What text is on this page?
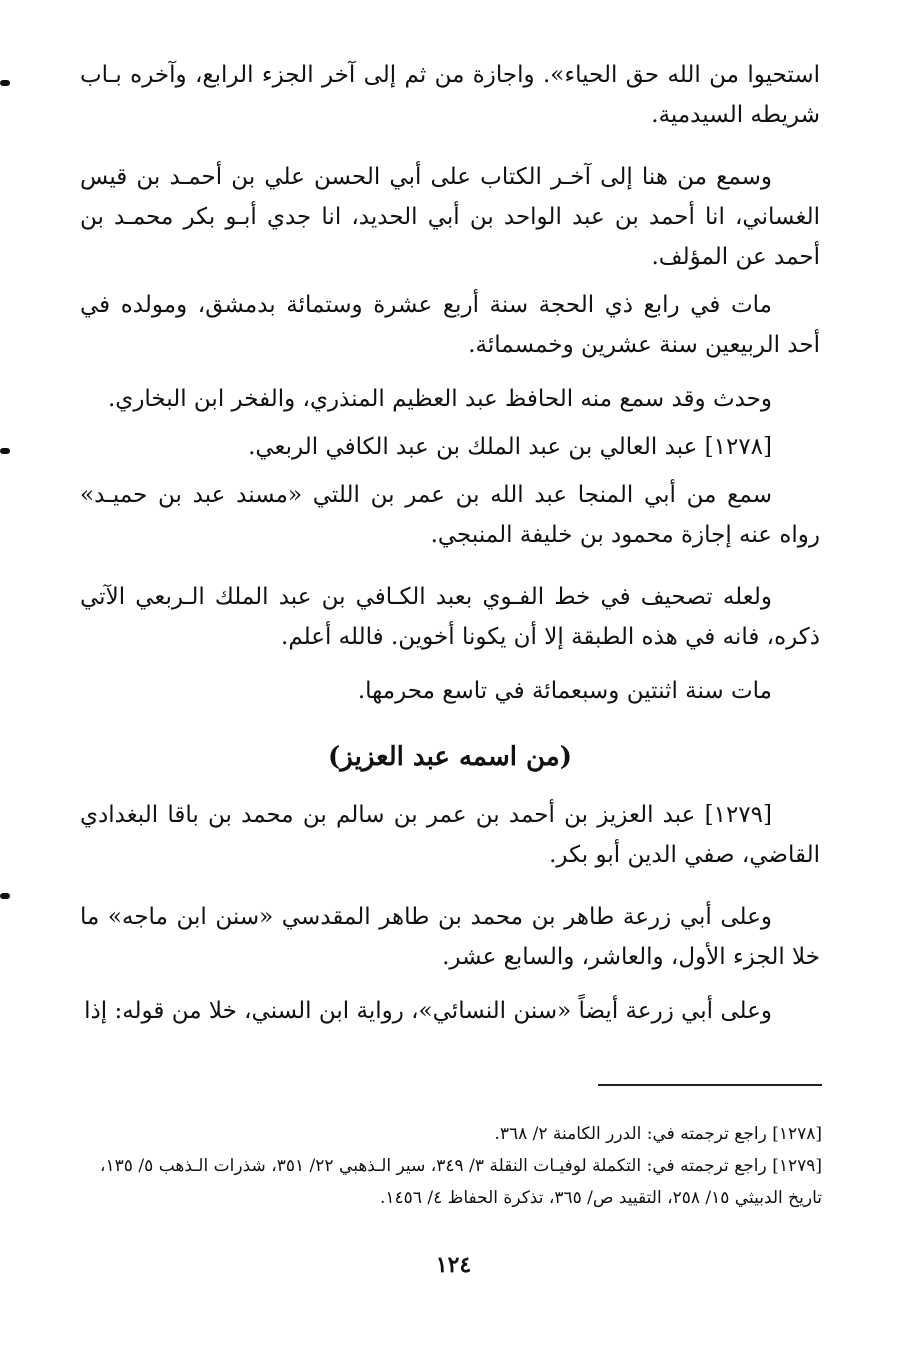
استحيوا من الله حق الحياء». واجازة من ثم إلى آخر الجزء الرابع، وآخره بـاب شريطه السيدمية.

وسمع من هنا إلى آخـر الكتاب على أبي الحسن علي بن أحمـد بن قيس الغساني، انا أحمد بن عبد الواحد بن أبي الحديد، انا جدي أبـو بكر محمـد بن أحمد عن المؤلف.

مات في رابع ذي الحجة سنة أربع عشرة وستمائة بدمشق، ومولده في أحد الربيعين سنة عشرين وخمسمائة.

وحدث وقد سمع منه الحافظ عبد العظيم المنذري، والفخر ابن البخاري.

[١٢٧٨] عبد العالي بن عبد الملك بن عبد الكافي الربعي.

سمع من أبي المنجا عبد الله بن عمر بن اللتي «مسند عبد بن حميـد» رواه عنه إجازة محمود بن خليفة المنبجي.

ولعله تصحيف في خط الفـوي بعبد الكـافي بن عبد الملك الـربعي الآتي ذكره، فانه في هذه الطبقة إلا أن يكونا أخوين. فالله أعلم.

مات سنة اثنتين وسبعمائة في تاسع محرمها.

(من اسمه عبد العزيز)

[١٢٧٩] عبد العزيز بن أحمد بن عمر بن سالم بن محمد بن باقا البغدادي القاضي، صفي الدين أبو بكر.

وعلى أبي زرعة طاهر بن محمد بن طاهر المقدسي «سنن ابن ماجه» ما خلا الجزء الأول، والعاشر، والسابع عشر.

وعلى أبي زرعة أيضاً «سنن النسائي»، رواية ابن السني، خلا من قوله: إذا

[١٢٧٨] راجع ترجمته في: الدرر الكامنة ٢/ ٣٦٨.

[١٢٧٩] راجع ترجمته في: التكملة لوفيـات النقلة ٣/ ٣٤٩، سير الـذهبي ٢٢/ ٣٥١، شذرات الـذهب ٥/ ١٣٥، تاريخ الدبيثي ١٥/ ٢٥٨، التقييد ص/ ٣٦٥، تذكرة الحفاظ ٤/ ١٤٥٦.

١٢٤
